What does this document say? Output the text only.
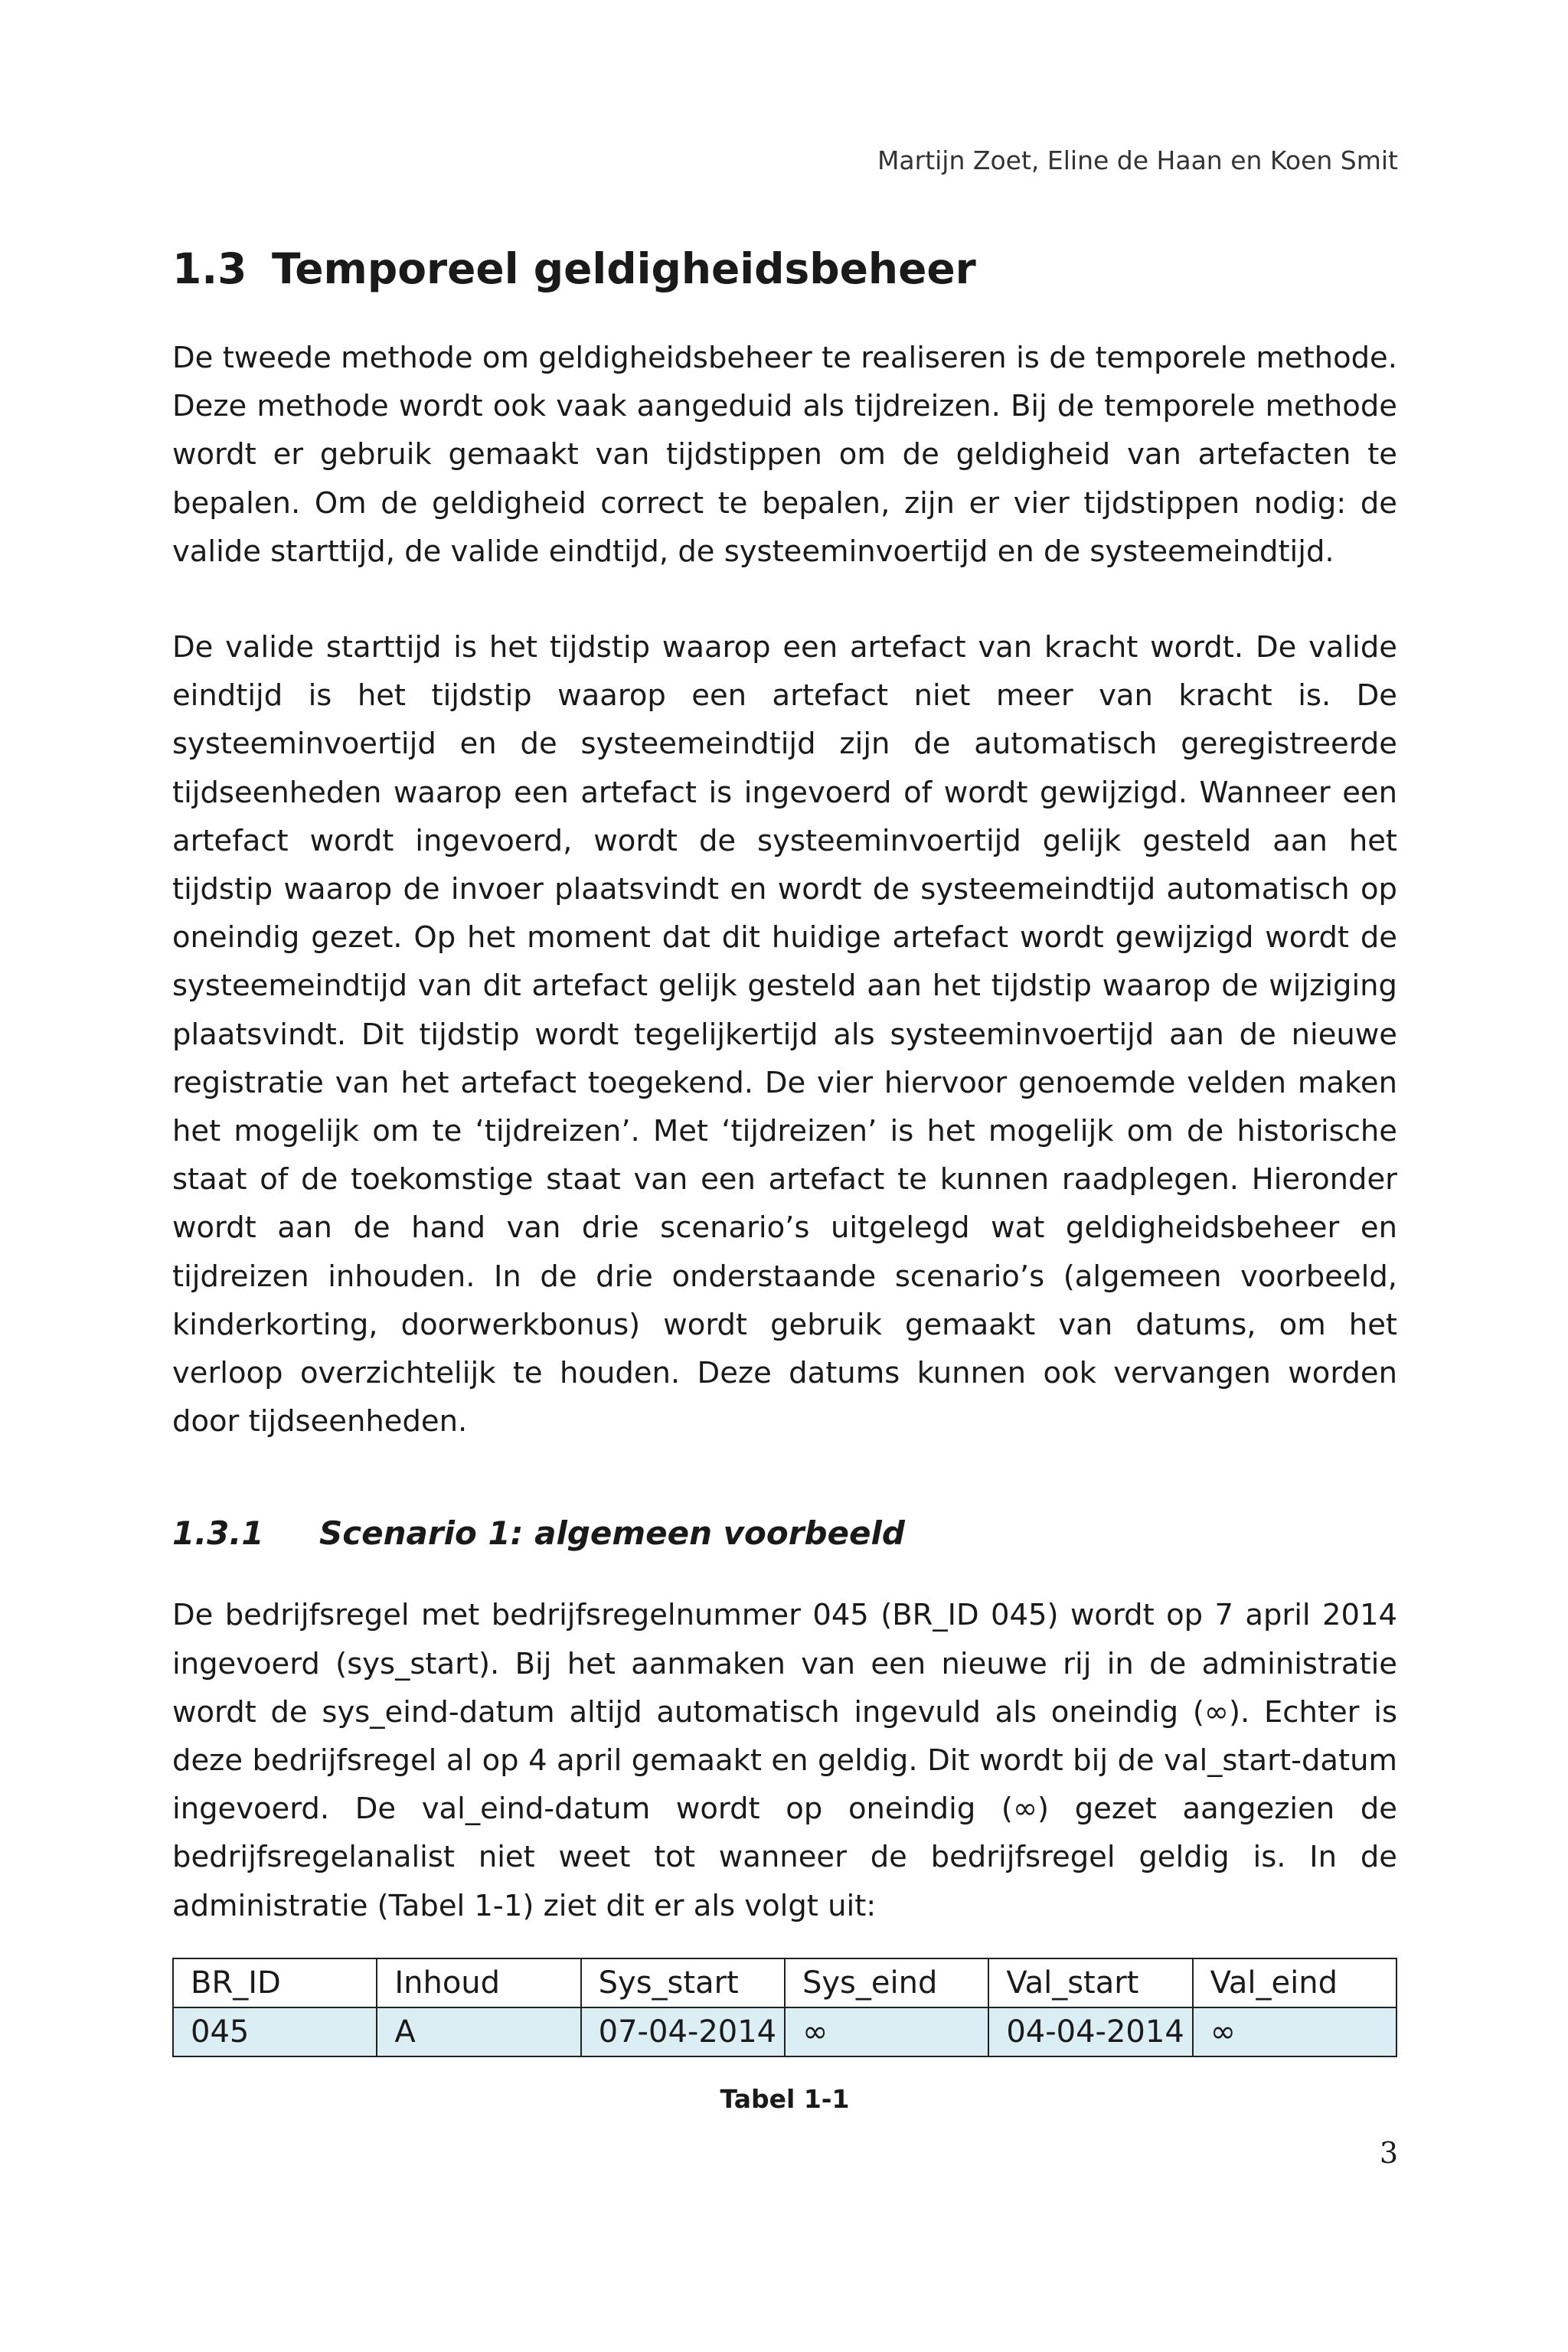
Martijn Zoet, Eline de Haan en Koen Smit
1.3 Temporeel geldigheidsbeheer

De tweede methode om geldigheidsbeheer te realiseren is de temporele methode. Deze methode wordt ook vaak aangeduid als tijdreizen. Bij de temporele methode wordt er gebruik gemaakt van tijdstippen om de geldigheid van artefacten te bepalen. Om de geldigheid correct te bepalen, zijn er vier tijdstippen nodig: de valide starttijd, de valide eindtijd, de systeeminvoertijd en de systeemeindtijd.

De valide starttijd is het tijdstip waarop een artefact van kracht wordt. De valide eindtijd is het tijdstip waarop een artefact niet meer van kracht is. De systeeminvoertijd en de systeemeindtijd zijn de automatisch geregistreerde tijdseenheden waarop een artefact is ingevoerd of wordt gewijzigd. Wanneer een artefact wordt ingevoerd, wordt de systeeminvoertijd gelijk gesteld aan het tijdstip waarop de invoer plaatsvindt en wordt de systeemeindtijd automatisch op oneindig gezet. Op het moment dat dit huidige artefact wordt gewijzigd wordt de systeemeindtijd van dit artefact gelijk gesteld aan het tijdstip waarop de wijziging plaatsvindt. Dit tijdstip wordt tegelijkertijd als systeeminvoertijd aan de nieuwe registratie van het artefact toegekend. De vier hiervoor genoemde velden maken het mogelijk om te ‘tijdreizen’. Met ‘tijdreizen’ is het mogelijk om de historische staat of de toekomstige staat van een artefact te kunnen raadplegen. Hieronder wordt aan de hand van drie scenario’s uitgelegd wat geldigheidsbeheer en tijdreizen inhouden. In de drie onderstaande scenario’s (algemeen voorbeeld, kinderkorting, doorwerkbonus) wordt gebruik gemaakt van datums, om het verloop overzichtelijk te houden. Deze datums kunnen ook vervangen worden door tijdseenheden.

1.3.1	Scenario 1: algemeen voorbeeld

De bedrijfsregel met bedrijfsregelnummer 045 (BR_ID 045) wordt op 7 april 2014 ingevoerd (sys_start). Bij het aanmaken van een nieuwe rij in de administratie wordt de sys_eind-datum altijd automatisch ingevuld als oneindig (∞). Echter is deze bedrijfsregel al op 4 april gemaakt en geldig. Dit wordt bij de val_start-datum ingevoerd. De val_eind-datum wordt op oneindig (∞) gezet aangezien de bedrijfsregelanalist niet weet tot wanneer de bedrijfsregel geldig is. In de administratie (Tabel 1-1) ziet dit er als volgt uit:

BR_ID	Inhoud	Sys_start	Sys_eind	Val_start	Val_eind
045	A	07-04-2014	∞	04-04-2014	∞
Tabel 1-1
3
